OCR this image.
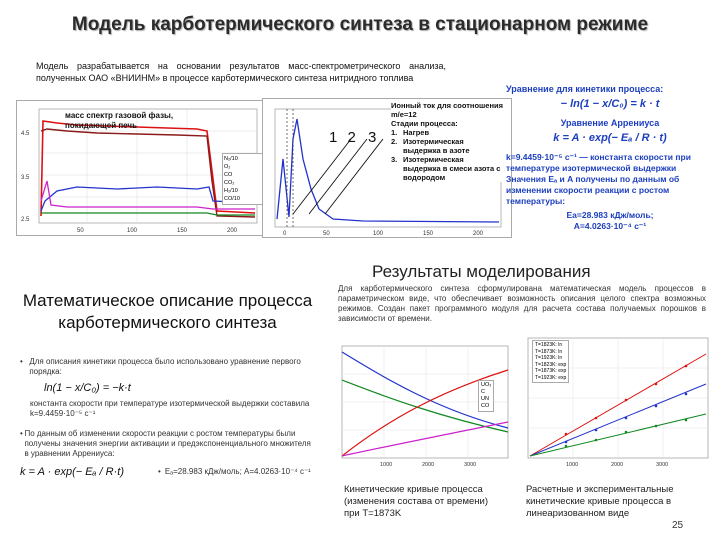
Модель карботермического синтеза в стационарном режиме
Модель разрабатывается на основании результатов масс-спектрометрического анализа, полученных ОАО «ВНИИНМ» в процессе карботермического синтеза нитридного топлива
4.5
3.5
2.5
50	100	150	200
масс спектр газовой фазы, покидающей печь
N₂/10
O₂
CO
CO₂
H₂/10
CO/10
0	50	100	150	200
1 2 3
Ионный ток для соотношения m/e=12
Стадии процесса:
1. Нагрев
2. Изотермическая выдержка в азоте
3. Изотермическая выдержка в смеси азота с водородом
Уравнение для кинетики процесса:
− ln(1 − x/C₀) = k · t
Уравнение Аррениуса
k = A · exp(− Eₐ / R · t)
k=9.4459·10⁻⁵ с⁻¹ — константа скорости при температуре изотермической выдержки
Значения Eₐ и A получены по данным об изменении скорости реакции с ростом температуры:
Ea=28.983 кДж/моль;
A=4.0263·10⁻⁴ с⁻¹
Результаты моделирования
Для карботермического синтеза сформулирована математическая модель процессов в параметрическом виде, что обеспечивает возможность описания целого спектра возможных режимов. Создан пакет программного модуля для расчета состава получаемых порошков в зависимости от времени.
Математическое описание процесса карботермического синтеза
• Для описания кинетики процесса было использовано уравнение первого порядка:
ln(1 − x/C₀) = −k·t
константа скорости при температуре изотермической выдержки составила k=9.4459·10⁻⁵ с⁻¹
• По данным об изменении скорости реакции с ростом температуры были получены значения энергии активации и предэкспоненциального множителя в уравнении Аррениуса:
k = A · exp(− Eₐ / R·t)	• Eₐ=28.983 кДж/моль; A=4.0263·10⁻⁴ с⁻¹
1000	2000	3000
UO₂
C
UN
CO
Кинетические кривые процесса (изменения состава от времени) при T=1873K
1000	2000	3000
T=1823K: ln
T=1873K: ln
T=1923K: ln
T=1823K: exp
T=1873K: exp
T=1923K: exp
Расчетные и экспериментальные кинетические кривые процесса в линеаризованном виде
25
